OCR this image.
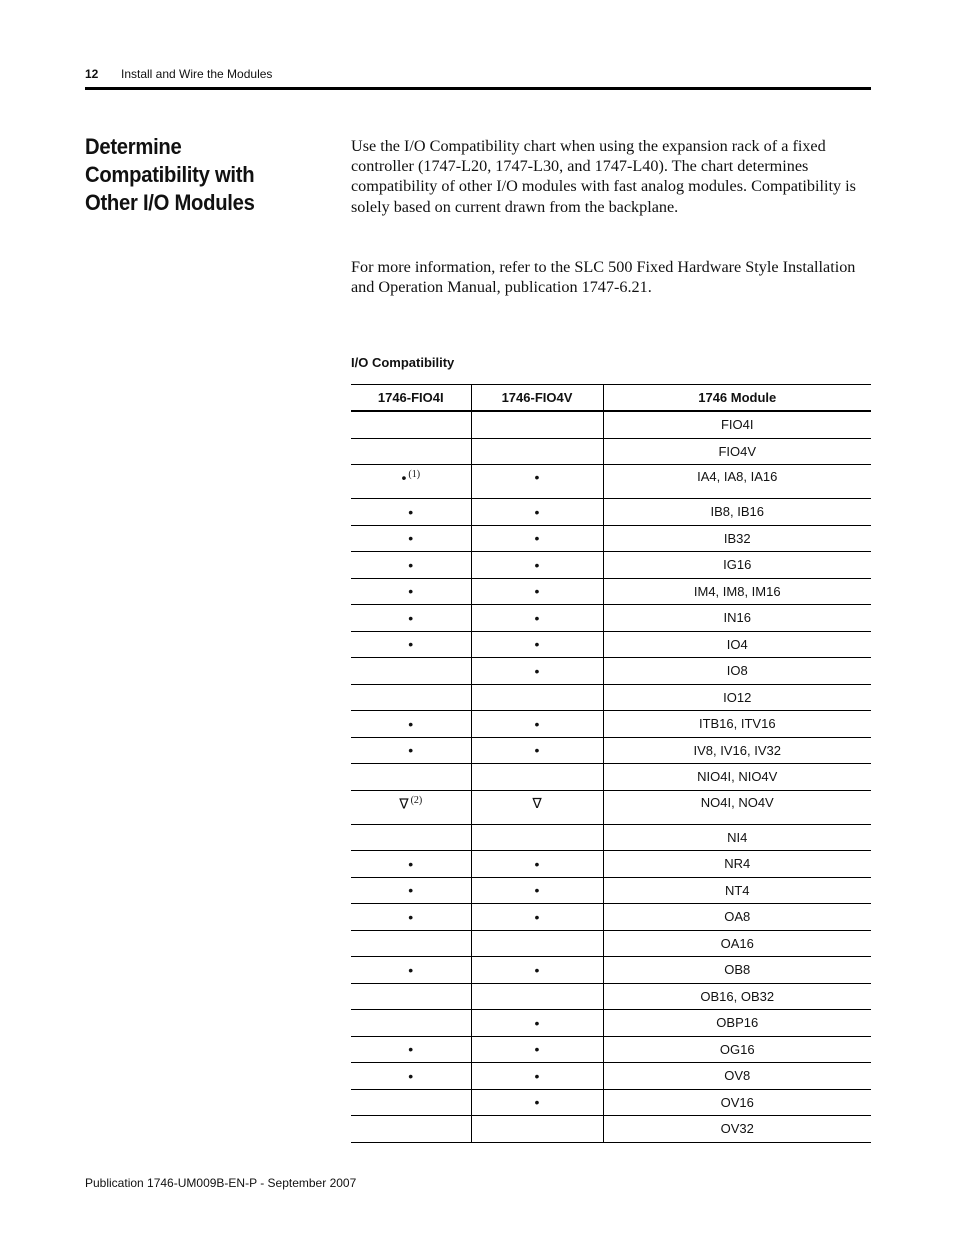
12 Install and Wire the Modules
Determine Compatibility with Other I/O Modules

Use the I/O Compatibility chart when using the expansion rack of a fixed controller (1747-L20, 1747-L30, and 1747-L40). The chart determines compatibility of other I/O modules with fast analog modules. Compatibility is solely based on current drawn from the backplane.

For more information, refer to the SLC 500 Fixed Hardware Style Installation and Operation Manual, publication 1747-6.21.

I/O Compatibility
1746-FIO4I	1746-FIO4V	1746 Module
		FIO4I
		FIO4V
• $^{(1)}$	•	IA4, IA8, IA16
•	•	IB8, IB16
•	•	IB32
•	•	IG16
•	•	IM4, IM8, IM16
•	•	IN16
•	•	IO4
	•	IO8
		IO12
•	•	ITB16, ITV16
•	•	IV8, IV16, IV32
		NIO4I, NIO4V
∇ $^{(2)}$	∇	NO4I, NO4V
		NI4
•	•	NR4
•	•	NT4
•	•	OA8
		OA16
•	•	OB8
		OB16, OB32
	•	OBP16
•	•	OG16
•	•	OV8
	•	OV16
		OV32
Publication 1746-UM009B-EN-P - September 2007
